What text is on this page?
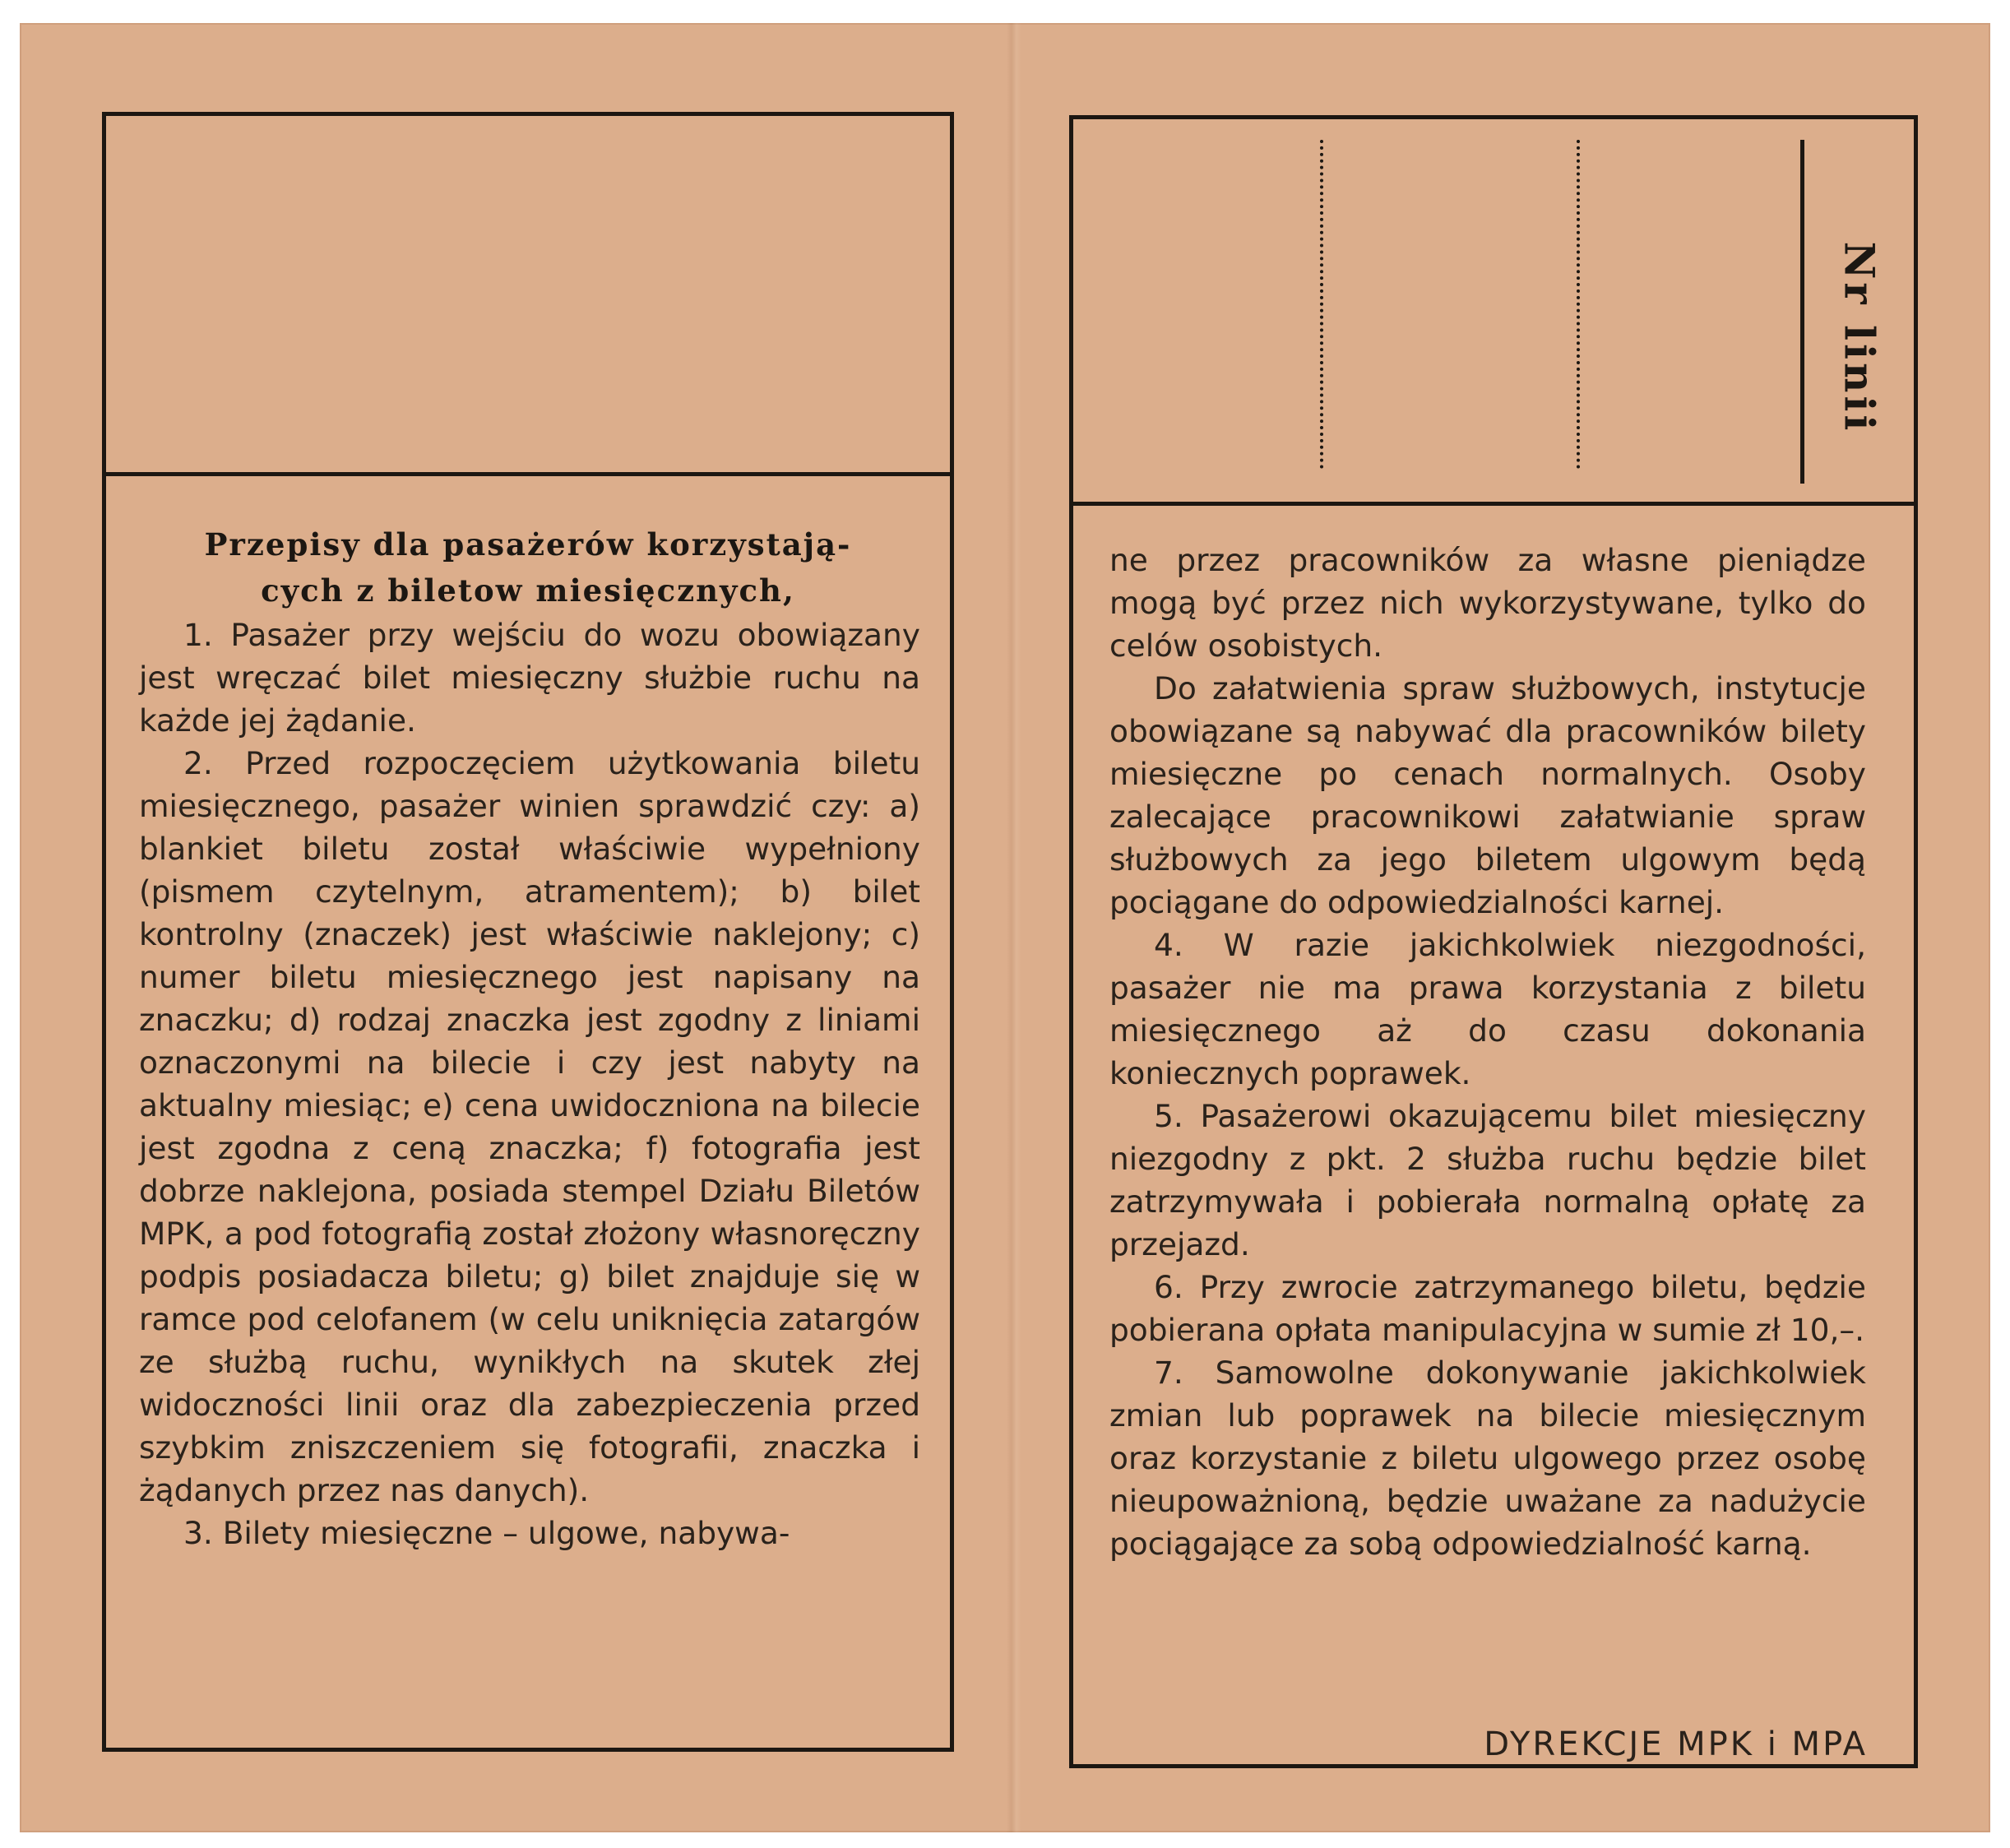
Przepisy dla pasażerów korzystają-
cych z biletow miesięcznych,

1. Pasażer przy wejściu do wozu obowiązany jest wręczać bilet miesięczny służbie ruchu na każde jej żądanie.

2. Przed rozpoczęciem użytkowania biletu miesięcznego, pasażer winien sprawdzić czy: a) blankiet biletu został właściwie wypełniony (pismem czytelnym, atramentem); b) bilet kontrolny (znaczek) jest właściwie naklejony; c) numer biletu miesięcznego jest napisany na znaczku; d) rodzaj znaczka jest zgodny z liniami oznaczonymi na bilecie i czy jest nabyty na aktualny miesiąc; e) cena uwidoczniona na bilecie jest zgodna z ceną znaczka; f) fotografia jest dobrze naklejona, posiada stempel Działu Biletów MPK, a pod fotografią został złożony własnoręczny podpis posiadacza biletu; g) bilet znajduje się w ramce pod celofanem (w celu uniknięcia zatargów ze służbą ruchu, wynikłych na skutek złej widoczności linii oraz dla zabezpieczenia przed szybkim zniszczeniem się fotografii, znaczka i żądanych przez nas danych).

3. Bilety miesięczne – ulgowe, nabywa-

Nr linii

ne przez pracowników za własne pieniądze mogą być przez nich wykorzystywane, tylko do celów osobistych.

Do załatwienia spraw służbowych, instytucje obowiązane są nabywać dla pracowników bilety miesięczne po cenach normalnych. Osoby zalecające pracownikowi załatwianie spraw służbowych za jego biletem ulgowym będą pociągane do odpowiedzialności karnej.

4. W razie jakichkolwiek niezgodności, pasażer nie ma prawa korzystania z biletu miesięcznego aż do czasu dokonania koniecznych poprawek.

5. Pasażerowi okazującemu bilet miesięczny niezgodny z pkt. 2 służba ruchu będzie bilet zatrzymywała i pobierała normalną opłatę za przejazd.

6. Przy zwrocie zatrzymanego biletu, będzie pobierana opłata manipulacyjna w sumie zł 10,–.

7. Samowolne dokonywanie jakichkolwiek zmian lub poprawek na bilecie miesięcznym oraz korzystanie z biletu ulgowego przez osobę nieupoważnioną, będzie uważane za nadużycie pociągające za sobą odpowiedzialność karną.

DYREKCJE MPK i MPA
